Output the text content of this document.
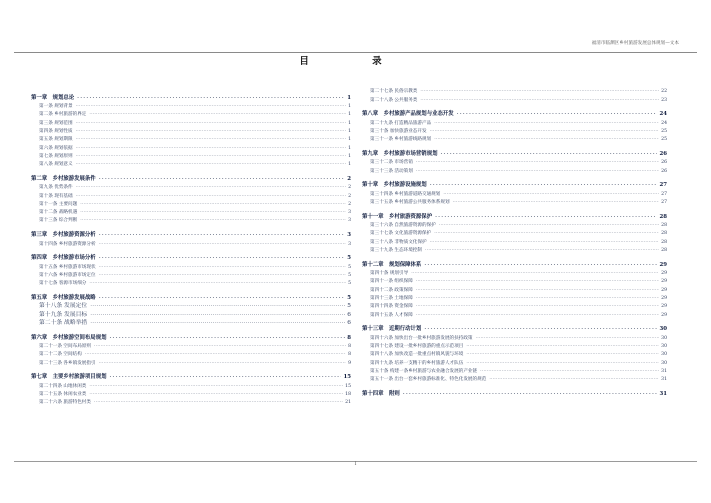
福清市临渊区乡村旅游发展总体规划—文本
目 录
第一章　规划总论 .....	1
第一条 规划背景 .....	1
第二条 乡村旅游的界定 .....	1
第三条 规划范围 .....	1
第四条 规划性质 .....	1
第五条 规划期限 .....	1
第六条 规划依据 .....	1
第七条 规划原则 .....	1
第八条 规划意义 .....	1
第二章　乡村旅游发展条件 .....	2
第九条 优势条件 .....	2
第十条 现有基础 .....	2
第十一条 主要问题 .....	2
第十二条 战略机遇 .....	3
第十三条 综合判断 .....	3
第三章　乡村旅游资源分析 .....	3
第十四条 乡村旅游资源分析 .....	3
第四章　乡村旅游市场分析 .....	5
第十五条 乡村旅游市场现状 .....	5
第十六条 乡村旅游市场定位 .....	5
第十七条 客源市场细分 .....	5
第五章　乡村旅游发展战略 .....	5
第十八条 发展定位 .....	5
第十九条 发展目标 .....	6
第二十条 战略举措 .....	6
第六章　乡村旅游空间布局规划 .....	8
第二十一条 空间布局原则 .....	8
第二十二条 空间结构 .....	8
第二十三条 各乡镇发展指引 .....	9
第七章　主要乡村旅游项目规划 .....	15
第二十四条 山地休闲类 .....	15
第二十五条 休闲农业类 .....	18
第二十六条 旅游特色村类 .....	21
第二十七条 民俗宗教类 .....	22
第二十八条 公共服务类 .....	23
第八章　乡村旅游产品规划与业态开发 .....	24
第二十九条 打造精品旅游产品 .....	24
第三十条 加快旅游业态开发 .....	25
第三十一条 乡村旅游线路规划 .....	25
第九章　乡村旅游市场营销规划 .....	26
第三十二条 市场营销 .....	26
第三十三条 活动策划 .....	26
第十章　乡村旅游设施规划 .....	27
第三十四条 乡村旅游道路交通规划 .....	27
第三十五条 乡村旅游公共服务体系规划 .....	27
第十一章　乡村旅游资源保护 .....	28
第三十六条 自然旅游资源的保护 .....	28
第三十七条 文化旅游资源保护 .....	28
第三十八条 非物质文化保护 .....	28
第三十九条 生态环境控制 .....	28
第十二章　规划保障体系 .....	29
第四十条 规划引导 .....	29
第四十一条 组织保障 .....	29
第四十二条 政策保障 .....	29
第四十三条 土地保障 .....	29
第四十四条 资金保障 .....	29
第四十五条 人才保障 .....	29
第十三章　近期行动计划 .....	30
第四十六条 加快出台一批乡村旅游发展的扶持政策 .....	30
第四十七条 建设一批乡村旅游的重点示范项目 .....	30
第四十八条 加快改造一批重点村镇风貌与环境 .....	30
第四十九条 培养一支精干的乡村旅游人才队伍 .....	30
第五十条 构建一条乡村旅游与农业融合发展的产业链 .....	31
第五十一条 出台一套乡村旅游标准化、特色化发展的规范 .....	31
第十四章　附则 .....	31
I
